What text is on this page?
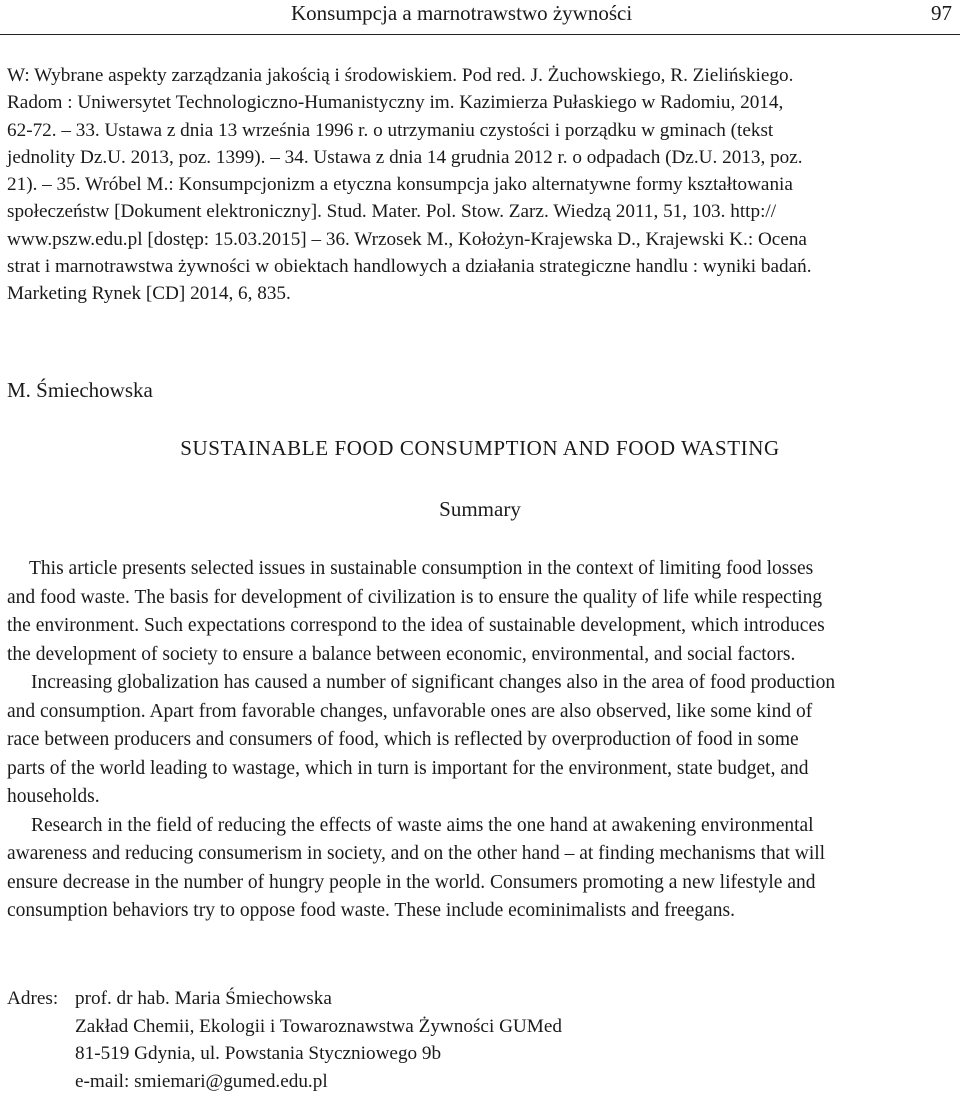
Konsumpcja a marnotrawstwo żywności	97
W: Wybrane aspekty zarządzania jakością i środowiskiem. Pod red. J. Żuchowskiego, R. Zielińskiego.
Radom : Uniwersytet Technologiczno-Humanistyczny im. Kazimierza Pułaskiego w Radomiu, 2014,
62-72. – 33. Ustawa z dnia 13 września 1996 r. o utrzymaniu czystości i porządku w gminach (tekst
jednolity Dz.U. 2013, poz. 1399). – 34. Ustawa z dnia 14 grudnia 2012 r. o odpadach (Dz.U. 2013, poz.
21). – 35. Wróbel M.: Konsumpcjonizm a etyczna konsumpcja jako alternatywne formy kształtowania
społeczeństw [Dokument elektroniczny]. Stud. Mater. Pol. Stow. Zarz. Wiedzą 2011, 51, 103. http://
www.pszw.edu.pl [dostęp: 15.03.2015] – 36. Wrzosek M., Kołożyn-Krajewska D., Krajewski K.: Ocena
strat i marnotrawstwa żywności w obiektach handlowych a działania strategiczne handlu : wyniki badań.
Marketing Rynek [CD] 2014, 6, 835.
M. Śmiechowska
SUSTAINABLE FOOD CONSUMPTION AND FOOD WASTING
Summary
This article presents selected issues in sustainable consumption in the context of limiting food losses
and food waste. The basis for development of civilization is to ensure the quality of life while respecting
the environment. Such expectations correspond to the idea of sustainable development, which introduces
the development of society to ensure a balance between economic, environmental, and social factors.
Increasing globalization has caused a number of significant changes also in the area of food production
and consumption. Apart from favorable changes, unfavorable ones are also observed, like some kind of
race between producers and consumers of food, which is reflected by overproduction of food in some
parts of the world leading to wastage, which in turn is important for the environment, state budget, and
households.
Research in the field of reducing the effects of waste aims the one hand at awakening environmental
awareness and reducing consumerism in society, and on the other hand – at finding mechanisms that will
ensure decrease in the number of hungry people in the world. Consumers promoting a new lifestyle and
consumption behaviors try to oppose food waste. These include ecominimalists and freegans.
Adres: prof. dr hab. Maria Śmiechowska
Zakład Chemii, Ekologii i Towaroznawstwa Żywności GUMed
81-519 Gdynia, ul. Powstania Styczniowego 9b
e-mail: smiemari@gumed.edu.pl
